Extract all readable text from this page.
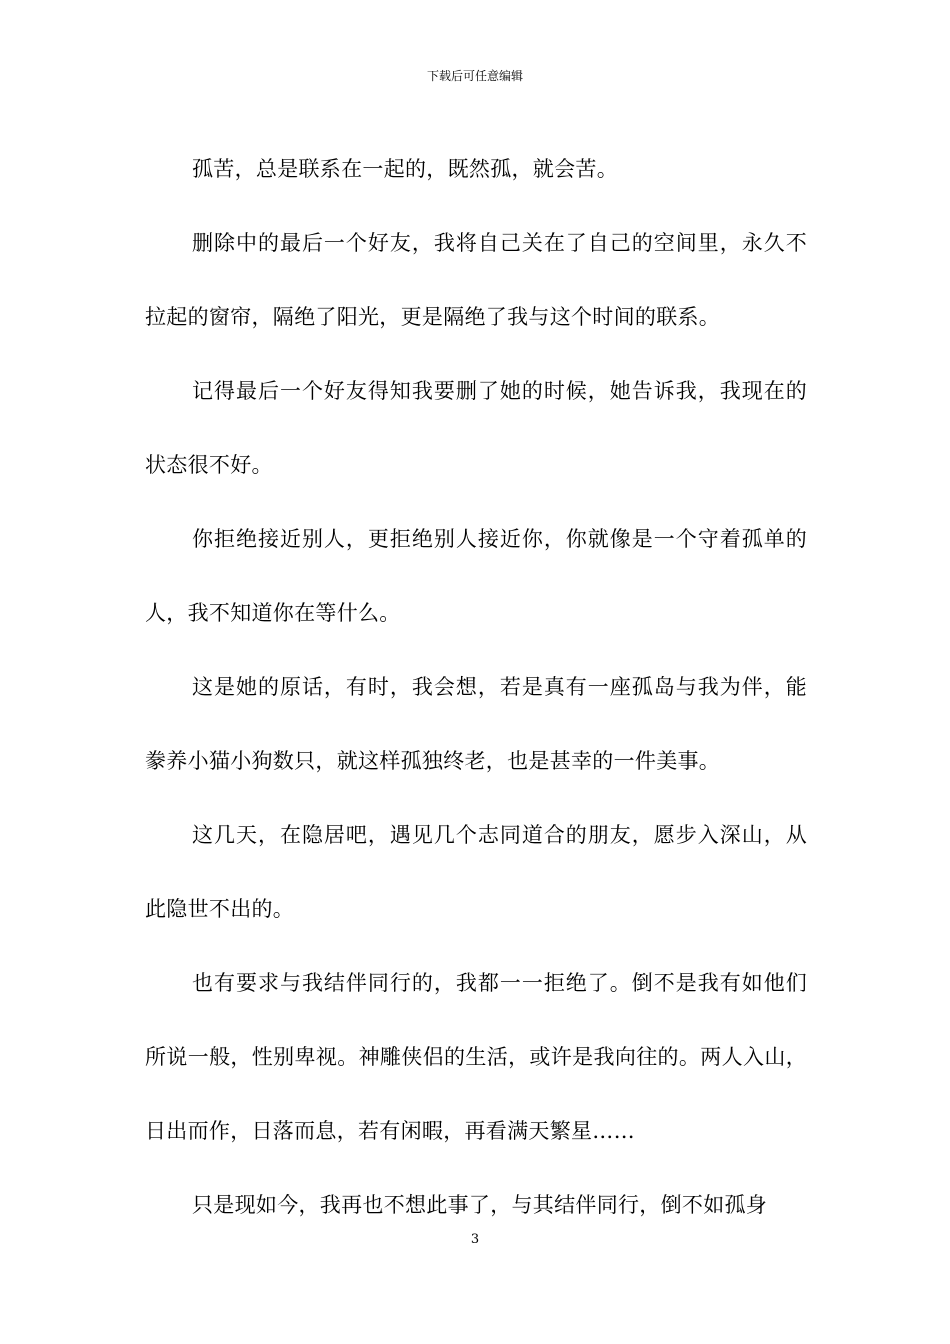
下载后可任意编辑

孤苦，总是联系在一起的，既然孤，就会苦。

删除中的最后一个好友，我将自己关在了自己的空间里，永久不拉起的窗帘，隔绝了阳光，更是隔绝了我与这个时间的联系。

记得最后一个好友得知我要删了她的时候，她告诉我，我现在的状态很不好。

你拒绝接近别人，更拒绝别人接近你，你就像是一个守着孤单的人，我不知道你在等什么。

这是她的原话，有时，我会想，若是真有一座孤岛与我为伴，能豢养小猫小狗数只，就这样孤独终老，也是甚幸的一件美事。

这几天，在隐居吧，遇见几个志同道合的朋友，愿步入深山，从此隐世不出的。

也有要求与我结伴同行的，我都一一拒绝了。倒不是我有如他们所说一般，性别卑视。神雕侠侣的生活，或许是我向往的。两人入山，日出而作，日落而息，若有闲暇，再看满天繁星……

只是现如今，我再也不想此事了，与其结伴同行，倒不如孤身

3
